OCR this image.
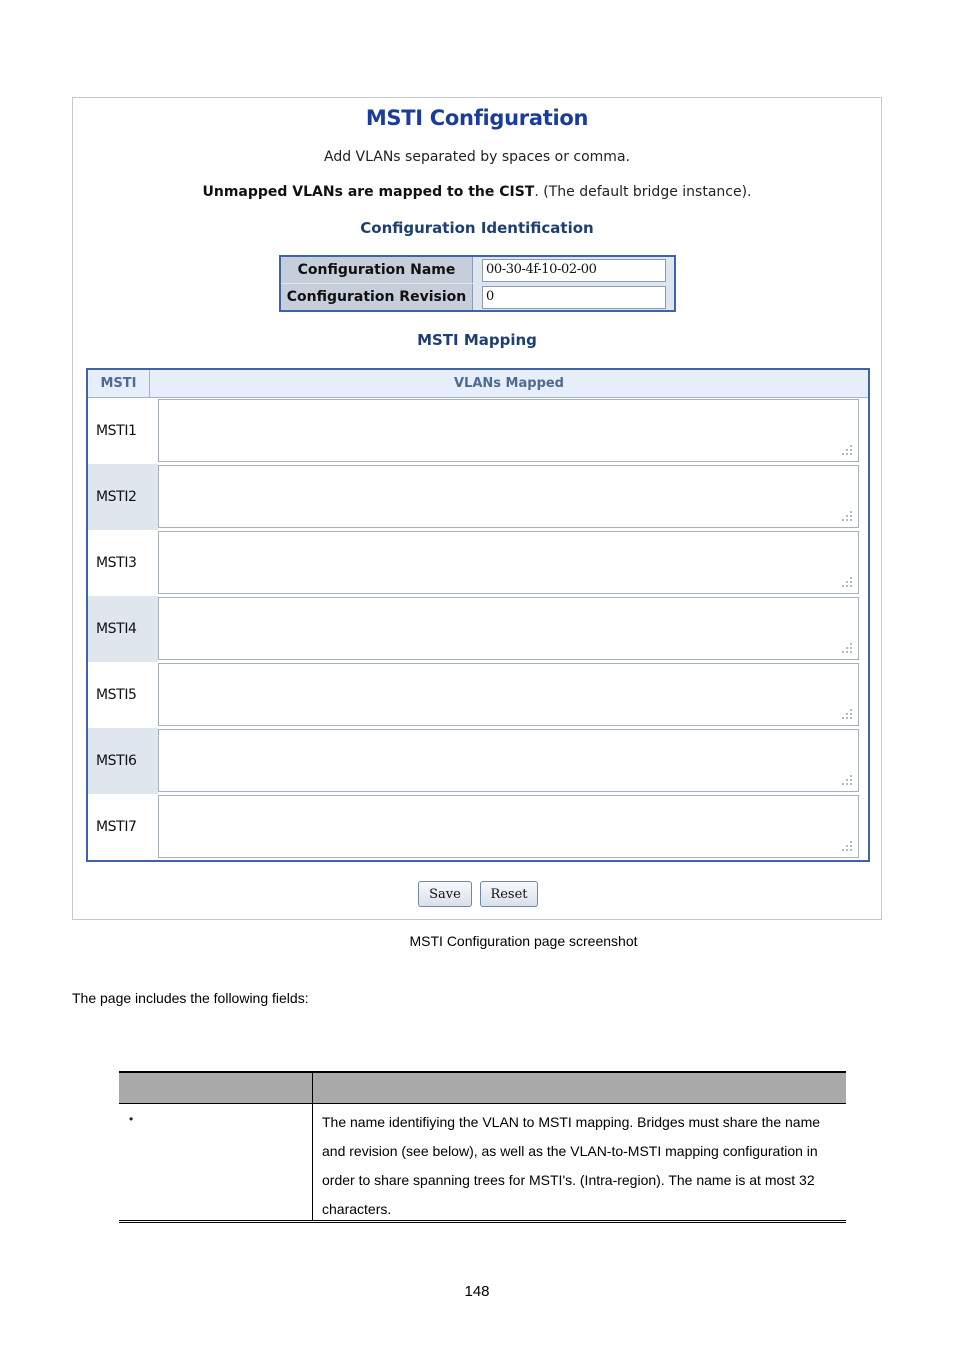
MSTI Configuration
Add VLANs separated by spaces or comma.
Unmapped VLANs are mapped to the CIST. (The default bridge instance).
Configuration Identification
Configuration Name	00-30-4f-10-02-00
Configuration Revision	0
MSTI Mapping
MSTI	VLANs Mapped
MSTI1
MSTI2
MSTI3
MSTI4
MSTI5
MSTI6
MSTI7
Save	Reset
MSTI Configuration page screenshot
The page includes the following fields:
•	The name identifiying the VLAN to MSTI mapping. Bridges must share the name and revision (see below), as well as the VLAN-to-MSTI mapping configuration in order to share spanning trees for MSTI's. (Intra-region). The name is at most 32 characters.
148
